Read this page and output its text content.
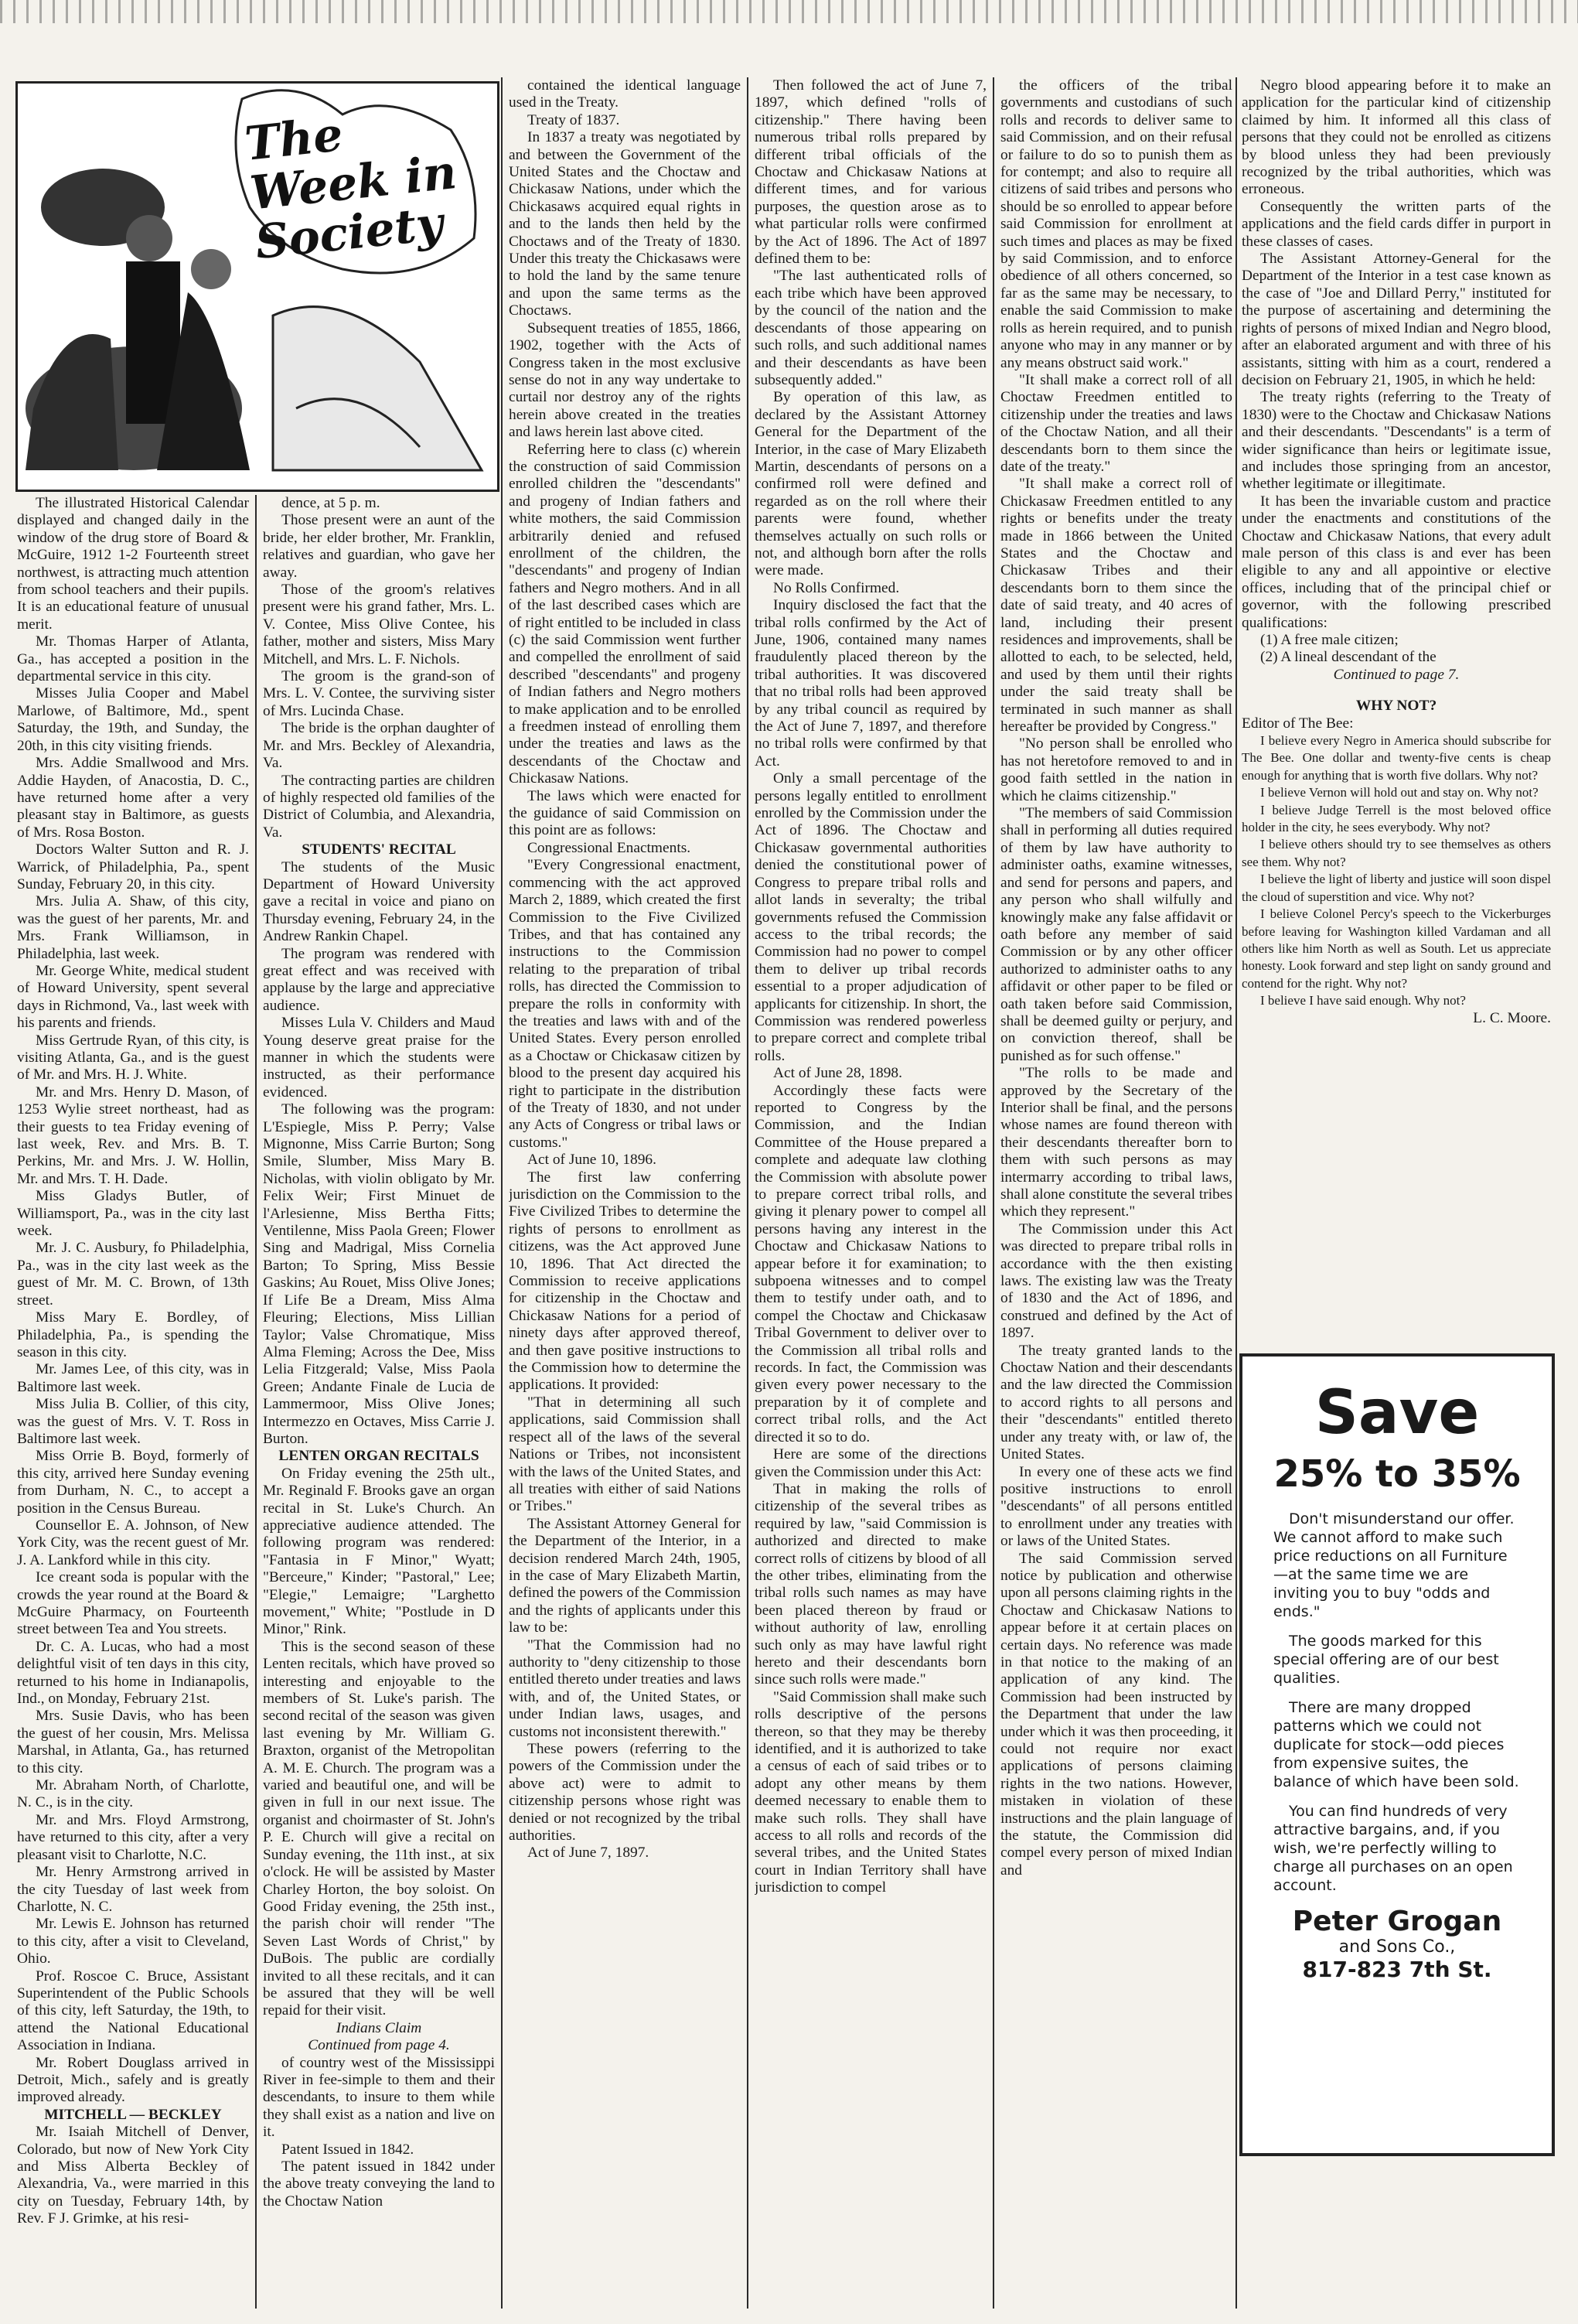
The Week in Society

The illustrated Historical Calendar displayed and changed daily in the window of the drug store of Board & McGuire, 1912 1-2 Fourteenth street northwest, is attracting much attention from school teachers and their pupils. It is an educational feature of unusual merit.

Mr. Thomas Harper of Atlanta, Ga., has accepted a position in the departmental service in this city.

Misses Julia Cooper and Mabel Marlowe, of Baltimore, Md., spent Saturday, the 19th, and Sunday, the 20th, in this city visiting friends.

Mrs. Addie Smallwood and Mrs. Addie Hayden, of Anacostia, D. C., have returned home after a very pleasant stay in Baltimore, as guests of Mrs. Rosa Boston.

Doctors Walter Sutton and R. J. Warrick, of Philadelphia, Pa., spent Sunday, February 20, in this city.

Mrs. Julia A. Shaw, of this city, was the guest of her parents, Mr. and Mrs. Frank Williamson, in Philadelphia, last week.

Mr. George White, medical student of Howard University, spent several days in Richmond, Va., last week with his parents and friends.

Miss Gertrude Ryan, of this city, is visiting Atlanta, Ga., and is the guest of Mr. and Mrs. H. J. White.

Mr. and Mrs. Henry D. Mason, of 1253 Wylie street northeast, had as their guests to tea Friday evening of last week, Rev. and Mrs. B. T. Perkins, Mr. and Mrs. J. W. Hollin, Mr. and Mrs. T. H. Dade.

Miss Gladys Butler, of Williamsport, Pa., was in the city last week.

Mr. J. C. Ausbury, fo Philadelphia, Pa., was in the city last week as the guest of Mr. M. C. Brown, of 13th street.

Miss Mary E. Bordley, of Philadelphia, Pa., is spending the season in this city.

Mr. James Lee, of this city, was in Baltimore last week.

Miss Julia B. Collier, of this city, was the guest of Mrs. V. T. Ross in Baltimore last week.

Miss Orrie B. Boyd, formerly of this city, arrived here Sunday evening from Durham, N. C., to accept a position in the Census Bureau.

Counsellor E. A. Johnson, of New York City, was the recent guest of Mr. J. A. Lankford while in this city.

Ice creant soda is popular with the crowds the year round at the Board & McGuire Pharmacy, on Fourteenth street between Tea and You streets.

Dr. C. A. Lucas, who had a most delightful visit of ten days in this city, returned to his home in Indianapolis, Ind., on Monday, February 21st.

Mrs. Susie Davis, who has been the guest of her cousin, Mrs. Melissa Marshal, in Atlanta, Ga., has returned to this city.

Mr. Abraham North, of Charlotte, N. C., is in the city.

Mr. and Mrs. Floyd Armstrong, have returned to this city, after a very pleasant visit to Charlotte, N.C.

Mr. Henry Armstrong arrived in the city Tuesday of last week from Charlotte, N. C.

Mr. Lewis E. Johnson has returned to this city, after a visit to Cleveland, Ohio.

Prof. Roscoe C. Bruce, Assistant Superintendent of the Public Schools of this city, left Saturday, the 19th, to attend the National Educational Association in Indiana.

Mr. Robert Douglass arrived in Detroit, Mich., safely and is greatly improved already.

MITCHELL — BECKLEY

Mr. Isaiah Mitchell of Denver, Colorado, but now of New York City and Miss Alberta Beckley of Alexandria, Va., were married in this city on Tuesday, February 14th, by Rev. F J. Grimke, at his resi-

dence, at 5 p. m.

Those present were an aunt of the bride, her elder brother, Mr. Franklin, relatives and guardian, who gave her away.

Those of the groom's relatives present were his grand father, Mrs. L. V. Contee, Miss Olive Contee, his father, mother and sisters, Miss Mary Mitchell, and Mrs. L. F. Nichols.

The groom is the grand-son of Mrs. L. V. Contee, the surviving sister of Mrs. Lucinda Chase.

The bride is the orphan daughter of Mr. and Mrs. Beckley of Alexandria, Va.

The contracting parties are children of highly respected old families of the District of Columbia, and Alexandria, Va.

STUDENTS' RECITAL

The students of the Music Department of Howard University gave a recital in voice and piano on Thursday evening, February 24, in the Andrew Rankin Chapel.

The program was rendered with great effect and was received with applause by the large and appreciative audience.

Misses Lula V. Childers and Maud Young deserve great praise for the manner in which the students were instructed, as their performance evidenced.

The following was the program: L'Espiegle, Miss P. Perry; Valse Mignonne, Miss Carrie Burton; Song Smile, Slumber, Miss Mary B. Nicholas, with violin obligato by Mr. Felix Weir; First Minuet de l'Arlesienne, Miss Bertha Fitts; Ventilenne, Miss Paola Green; Flower Sing and Madrigal, Miss Cornelia Barton; To Spring, Miss Bessie Gaskins; Au Rouet, Miss Olive Jones; If Life Be a Dream, Miss Alma Fleuring; Elections, Miss Lillian Taylor; Valse Chromatique, Miss Alma Fleming; Across the Dee, Miss Lelia Fitzgerald; Valse, Miss Paola Green; Andante Finale de Lucia de Lammermoor, Miss Olive Jones; Intermezzo en Octaves, Miss Carrie J. Burton.

LENTEN ORGAN RECITALS

On Friday evening the 25th ult., Mr. Reginald F. Brooks gave an organ recital in St. Luke's Church. An appreciative audience attended. The following program was rendered: "Fantasia in F Minor," Wyatt; "Berceure," Kinder; "Pastoral," Lee; "Elegie," Lemaigre; "Larghetto movement," White; "Postlude in D Minor," Rink.

This is the second season of these Lenten recitals, which have proved so interesting and enjoyable to the members of St. Luke's parish. The second recital of the season was given last evening by Mr. William G. Braxton, organist of the Metropolitan A. M. E. Church. The program was a varied and beautiful one, and will be given in full in our next issue. The organist and choirmaster of St. John's P. E. Church will give a recital on Sunday evening, the 11th inst., at six o'clock. He will be assisted by Master Charley Horton, the boy soloist. On Good Friday evening, the 25th inst., the parish choir will render "The Seven Last Words of Christ," by DuBois. The public are cordially invited to all these recitals, and it can be assured that they will be well repaid for their visit.

Indians Claim

Continued from page 4.

of country west of the Mississippi River in fee-simple to them and their descendants, to insure to them while they shall exist as a nation and live on it.

Patent Issued in 1842.

The patent issued in 1842 under the above treaty conveying the land to the Choctaw Nation

contained the identical language used in the Treaty.

Treaty of 1837.

In 1837 a treaty was negotiated by and between the Government of the United States and the Choctaw and Chickasaw Nations, under which the Chickasaws acquired equal rights in and to the lands then held by the Choctaws and of the Treaty of 1830. Under this treaty the Chickasaws were to hold the land by the same tenure and upon the same terms as the Choctaws.

Subsequent treaties of 1855, 1866, 1902, together with the Acts of Congress taken in the most exclusive sense do not in any way undertake to curtail nor destroy any of the rights herein above created in the treaties and laws herein last above cited.

Referring here to class (c) wherein the construction of said Commission enrolled children the "descendants" and progeny of Indian fathers and white mothers, the said Commission arbitrarily denied and refused enrollment of the children, the "descendants" and progeny of Indian fathers and Negro mothers. And in all of the last described cases which are of right entitled to be included in class (c) the said Commission went further and compelled the enrollment of said described "descendants" and progeny of Indian fathers and Negro mothers to make application and to be enrolled a freedmen instead of enrolling them under the treaties and laws as the descendants of the Choctaw and Chickasaw Nations.

The laws which were enacted for the guidance of said Commission on this point are as follows:

Congressional Enactments.

"Every Congressional enactment, commencing with the act approved March 2, 1889, which created the first Commission to the Five Civilized Tribes, and that has contained any instructions to the Commission relating to the preparation of tribal rolls, has directed the Commission to prepare the rolls in conformity with the treaties and laws with and of the United States. Every person enrolled as a Choctaw or Chickasaw citizen by blood to the present day acquired his right to participate in the distribution of the Treaty of 1830, and not under any Acts of Congress or tribal laws or customs."

Act of June 10, 1896.

The first law conferring jurisdiction on the Commission to the Five Civilized Tribes to determine the rights of persons to enrollment as citizens, was the Act approved June 10, 1896. That Act directed the Commission to receive applications for citizenship in the Choctaw and Chickasaw Nations for a period of ninety days after approved thereof, and then gave positive instructions to the Commission how to determine the applications. It provided:

"That in determining all such applications, said Commission shall respect all of the laws of the several Nations or Tribes, not inconsistent with the laws of the United States, and all treaties with either of said Nations or Tribes."

The Assistant Attorney General for the Department of the Interior, in a decision rendered March 24th, 1905, in the case of Mary Elizabeth Martin, defined the powers of the Commission and the rights of applicants under this law to be:

"That the Commission had no authority to "deny citizenship to those entitled thereto under treaties and laws with, and of, the United States, or under Indian laws, usages, and customs not inconsistent therewith."

These powers (referring to the powers of the Commission under the above act) were to admit to citizenship persons whose right was denied or not recognized by the tribal authorities.

Act of June 7, 1897.

Then followed the act of June 7, 1897, which defined "rolls of citizenship." There having been numerous tribal rolls prepared by different tribal officials of the Choctaw and Chickasaw Nations at different times, and for various purposes, the question arose as to what particular rolls were confirmed by the Act of 1896. The Act of 1897 defined them to be:

"The last authenticated rolls of each tribe which have been approved by the council of the nation and the descendants of those appearing on such rolls, and such additional names and their descendants as have been subsequently added."

By operation of this law, as declared by the Assistant Attorney General for the Department of the Interior, in the case of Mary Elizabeth Martin, descendants of persons on a confirmed roll were defined and regarded as on the roll where their parents were found, whether themselves actually on such rolls or not, and although born after the rolls were made.

No Rolls Confirmed.

Inquiry disclosed the fact that the tribal rolls confirmed by the Act of June, 1906, contained many names fraudulently placed thereon by the tribal authorities. It was discovered that no tribal rolls had been approved by any tribal council as required by the Act of June 7, 1897, and therefore no tribal rolls were confirmed by that Act.

Only a small percentage of the persons legally entitled to enrollment enrolled by the Commission under the Act of 1896. The Choctaw and Chickasaw governmental authorities denied the constitutional power of Congress to prepare tribal rolls and allot lands in severalty; the tribal governments refused the Commission access to the tribal records; the Commission had no power to compel them to deliver up tribal records essential to a proper adjudication of applicants for citizenship. In short, the Commission was rendered powerless to prepare correct and complete tribal rolls.

Act of June 28, 1898.

Accordingly these facts were reported to Congress by the Commission, and the Indian Committee of the House prepared a complete and adequate law clothing the Commission with absolute power to prepare correct tribal rolls, and giving it plenary power to compel all persons having any interest in the Choctaw and Chickasaw Nations to appear before it for examination; to subpoena witnesses and to compel them to testify under oath, and to compel the Choctaw and Chickasaw Tribal Government to deliver over to the Commission all tribal rolls and records. In fact, the Commission was given every power necessary to the preparation by it of complete and correct tribal rolls, and the Act directed it so to do.

Here are some of the directions given the Commission under this Act:

That in making the rolls of citizenship of the several tribes as required by law, "said Commission is authorized and directed to make correct rolls of citizens by blood of all the other tribes, eliminating from the tribal rolls such names as may have been placed thereon by fraud or without authority of law, enrolling such only as may have lawful right hereto and their descendants born since such rolls were made."

"Said Commission shall make such rolls descriptive of the persons thereon, so that they may be thereby identified, and it is authorized to take a census of each of said tribes or to adopt any other means by them deemed necessary to enable them to make such rolls. They shall have access to all rolls and records of the several tribes, and the United States court in Indian Territory shall have jurisdiction to compel

the officers of the tribal governments and custodians of such rolls and records to deliver same to said Commission, and on their refusal or failure to do so to punish them as for contempt; and also to require all citizens of said tribes and persons who should be so enrolled to appear before said Commission for enrollment at such times and places as may be fixed by said Commission, and to enforce obedience of all others concerned, so far as the same may be necessary, to enable the said Commission to make rolls as herein required, and to punish anyone who may in any manner or by any means obstruct said work."

"It shall make a correct roll of all Choctaw Freedmen entitled to citizenship under the treaties and laws of the Choctaw Nation, and all their descendants born to them since the date of the treaty."

"It shall make a correct roll of Chickasaw Freedmen entitled to any rights or benefits under the treaty made in 1866 between the United States and the Choctaw and Chickasaw Tribes and their descendants born to them since the date of said treaty, and 40 acres of land, including their present residences and improvements, shall be allotted to each, to be selected, held, and used by them until their rights under the said treaty shall be terminated in such manner as shall hereafter be provided by Congress."

"No person shall be enrolled who has not heretofore removed to and in good faith settled in the nation in which he claims citizenship."

"The members of said Commission shall in performing all duties required of them by law have authority to administer oaths, examine witnesses, and send for persons and papers, and any person who shall wilfully and knowingly make any false affidavit or oath before any member of said Commission or by any other officer authorized to administer oaths to any affidavit or other paper to be filed or oath taken before said Commission, shall be deemed guilty or perjury, and on conviction thereof, shall be punished as for such offense."

"The rolls to be made and approved by the Secretary of the Interior shall be final, and the persons whose names are found thereon with their descendants thereafter born to them with such persons as may intermarry according to tribal laws, shall alone constitute the several tribes which they represent."

The Commission under this Act was directed to prepare tribal rolls in accordance with the then existing laws. The existing law was the Treaty of 1830 and the Act of 1896, and construed and defined by the Act of 1897.

The treaty granted lands to the Choctaw Nation and their descendants and the law directed the Commission to accord rights to all persons and their "descendants" entitled thereto under any treaty with, or law of, the United States.

In every one of these acts we find positive instructions to enroll "descendants" of all persons entitled to enrollment under any treaties with or laws of the United States.

The said Commission served notice by publication and otherwise upon all persons claiming rights in the Choctaw and Chickasaw Nations to appear before it at certain places on certain days. No reference was made in that notice to the making of an application of any kind. The Commission had been instructed by the Department that under the law under which it was then proceeding, it could not require nor exact applications of persons claiming rights in the two nations. However, mistaken in violation of these instructions and the plain language of the statute, the Commission did compel every person of mixed Indian and

Negro blood appearing before it to make an application for the particular kind of citizenship claimed by him. It informed all this class of persons that they could not be enrolled as citizens by blood unless they had been previously recognized by the tribal authorities, which was erroneous.

Consequently the written parts of the applications and the field cards differ in purport in these classes of cases.

The Assistant Attorney-General for the Department of the Interior in a test case known as the case of "Joe and Dillard Perry," instituted for the purpose of ascertaining and determining the rights of persons of mixed Indian and Negro blood, after an elaborated argument and with three of his assistants, sitting with him as a court, rendered a decision on February 21, 1905, in which he held:

The treaty rights (referring to the Treaty of 1830) were to the Choctaw and Chickasaw Nations and their descendants. "Descendants" is a term of wider significance than heirs or legitimate issue, and includes those springing from an ancestor, whether legitimate or illegitimate.

It has been the invariable custom and practice under the enactments and constitutions of the Choctaw and Chickasaw Nations, that every adult male person of this class is and ever has been eligible to any and all appointive or elective offices, including that of the principal chief or governor, with the following prescribed qualifications:

(1) A free male citizen;

(2) A lineal descendant of the

Continued to page 7.

WHY NOT?

Editor of The Bee:

I believe every Negro in America should subscribe for The Bee. One dollar and twenty-five cents is cheap enough for anything that is worth five dollars. Why not?

I believe Vernon will hold out and stay on. Why not?

I believe Judge Terrell is the most beloved office holder in the city, he sees everybody. Why not?

I believe others should try to see themselves as others see them. Why not?

I believe the light of liberty and justice will soon dispel the cloud of superstition and vice. Why not?

I believe Colonel Percy's speech to the Vickerburges before leaving for Washington killed Vardaman and all others like him North as well as South. Let us appreciate honesty. Look forward and step light on sandy ground and contend for the right. Why not?

I believe I have said enough. Why not?

L. C. Moore.

Save
25% to 35%

Don't misunderstand our offer. We cannot afford to make such price reductions on all Furniture—at the same time we are inviting you to buy "odds and ends."

The goods marked for this special offering are of our best qualities.

There are many dropped patterns which we could not duplicate for stock—odd pieces from expensive suites, the balance of which have been sold.

You can find hundreds of very attractive bargains, and, if you wish, we're perfectly willing to charge all purchases on an open account.

Peter Grogan
and Sons Co.,
817-823 7th St.
